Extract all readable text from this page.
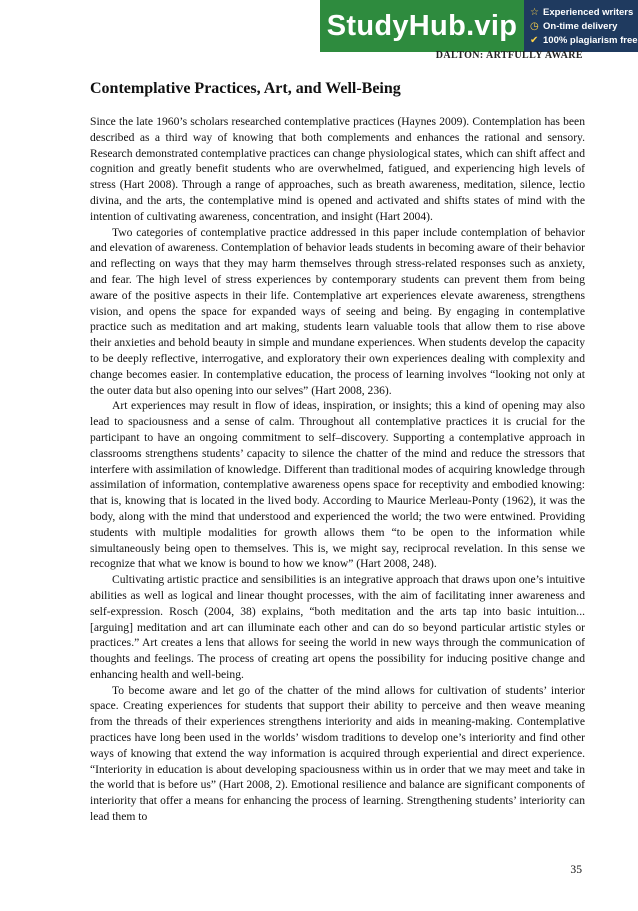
StudyHub.vip	☆ Experienced writers
◷ On-time delivery
✔ 100% plagiarism free
DALTON: ARTFULLY AWARE
Contemplative Practices, Art, and Well-Being

Since the late 1960’s scholars researched contemplative practices (Haynes 2009). Contemplation has been described as a third way of knowing that both complements and enhances the rational and sensory. Research demonstrated contemplative practices can change physiological states, which can shift affect and cognition and greatly benefit students who are overwhelmed, fatigued, and experiencing high levels of stress (Hart 2008). Through a range of approaches, such as breath awareness, meditation, silence, lectio divina, and the arts, the contemplative mind is opened and activated and shifts states of mind with the intention of cultivating awareness, concentration, and insight (Hart 2004).

Two categories of contemplative practice addressed in this paper include contemplation of behavior and elevation of awareness. Contemplation of behavior leads students in becoming aware of their behavior and reflecting on ways that they may harm themselves through stress-related responses such as anxiety, and fear. The high level of stress experiences by contemporary students can prevent them from being aware of the positive aspects in their life. Contemplative art experiences elevate awareness, strengthens vision, and opens the space for expanded ways of seeing and being. By engaging in contemplative practice such as meditation and art making, students learn valuable tools that allow them to rise above their anxieties and behold beauty in simple and mundane experiences. When students develop the capacity to be deeply reflective, interrogative, and exploratory their own experiences dealing with complexity and change becomes easier. In contemplative education, the process of learning involves “looking not only at the outer data but also opening into our selves” (Hart 2008, 236).

Art experiences may result in flow of ideas, inspiration, or insights; this a kind of opening may also lead to spaciousness and a sense of calm. Throughout all contemplative practices it is crucial for the participant to have an ongoing commitment to self–discovery. Supporting a contemplative approach in classrooms strengthens students’ capacity to silence the chatter of the mind and reduce the stressors that interfere with assimilation of knowledge. Different than traditional modes of acquiring knowledge through assimilation of information, contemplative awareness opens space for receptivity and embodied knowing: that is, knowing that is located in the lived body. According to Maurice Merleau-Ponty (1962), it was the body, along with the mind that understood and experienced the world; the two were entwined. Providing students with multiple modalities for growth allows them “to be open to the information while simultaneously being open to themselves. This is, we might say, reciprocal revelation. In this sense we recognize that what we know is bound to how we know” (Hart 2008, 248).

Cultivating artistic practice and sensibilities is an integrative approach that draws upon one’s intuitive abilities as well as logical and linear thought processes, with the aim of facilitating inner awareness and self-expression. Rosch (2004, 38) explains, “both meditation and the arts tap into basic intuition...[arguing] meditation and art can illuminate each other and can do so beyond particular artistic styles or practices.” Art creates a lens that allows for seeing the world in new ways through the communication of thoughts and feelings. The process of creating art opens the possibility for inducing positive change and enhancing health and well-being.

To become aware and let go of the chatter of the mind allows for cultivation of students’ interior space. Creating experiences for students that support their ability to perceive and then weave meaning from the threads of their experiences strengthens interiority and aids in meaning-making. Contemplative practices have long been used in the worlds’ wisdom traditions to develop one’s interiority and find other ways of knowing that extend the way information is acquired through experiential and direct experience. “Interiority in education is about developing spaciousness within us in order that we may meet and take in the world that is before us” (Hart 2008, 2). Emotional resilience and balance are significant components of interiority that offer a means for enhancing the process of learning. Strengthening students’ interiority can lead them to

35
